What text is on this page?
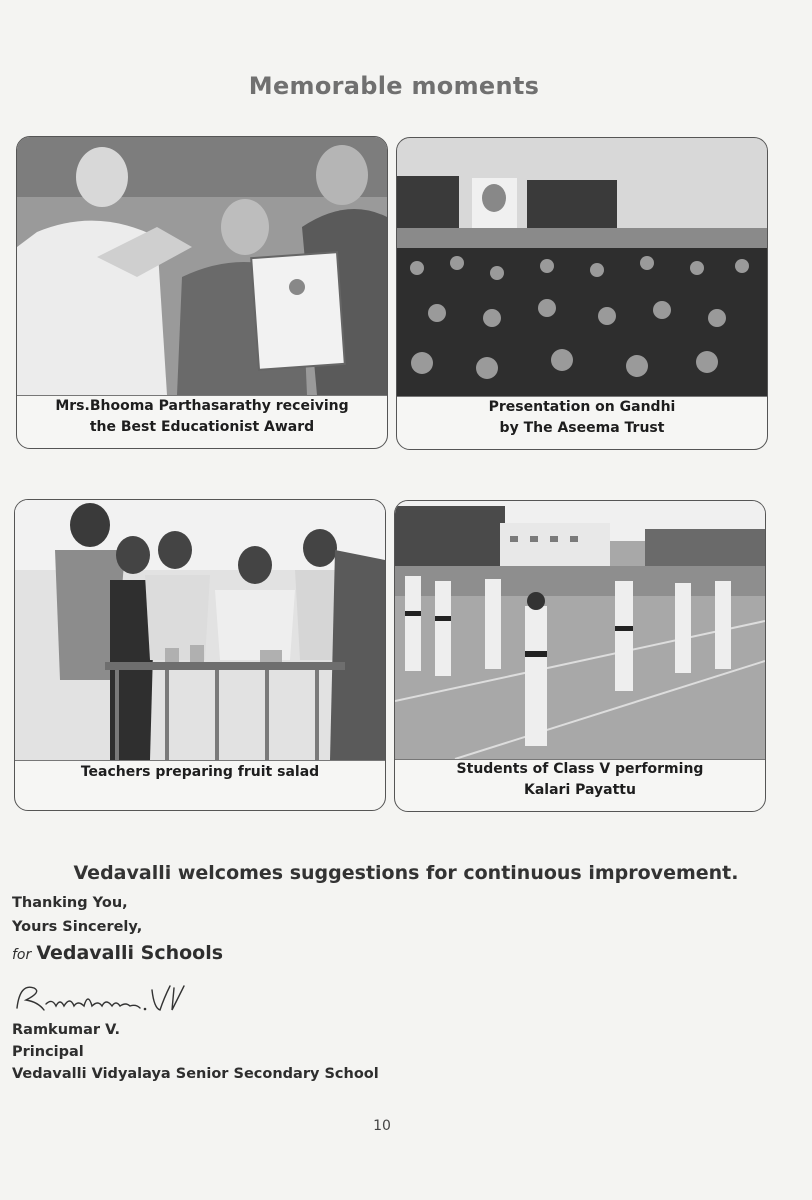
Memorable moments
Mrs.Bhooma Parthasarathy receiving
the Best Educationist Award
Presentation on Gandhi
by The Aseema Trust
Teachers preparing fruit salad	Students of Class V performing
Kalari Payattu
Vedavalli welcomes suggestions for continuous improvement.
Thanking You,
Yours Sincerely,
for Vedavalli Schools
Ramkumar V.
Principal
Vedavalli Vidyalaya Senior Secondary School
10
